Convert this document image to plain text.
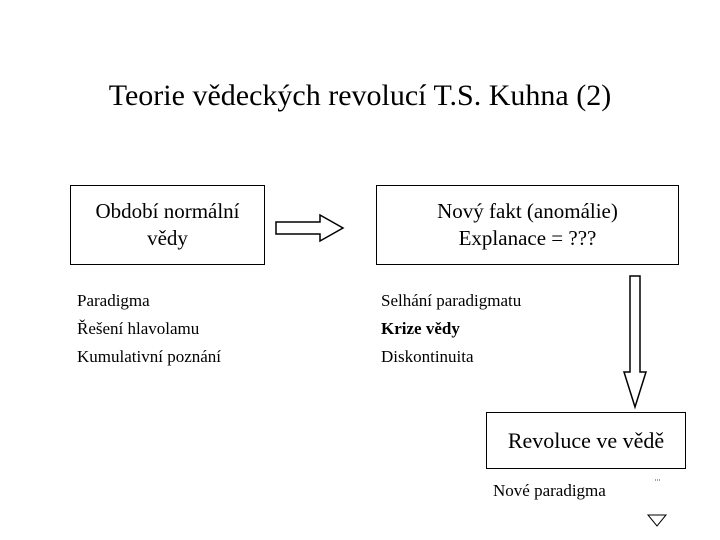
Teorie vědeckých revolucí T.S. Kuhna (2)
Období normální
vědy
Nový fakt (anomálie)
Explanace = ???
Paradigma
Řešení hlavolamu
Kumulativní poznání
Selhání paradigmatu
Krize vědy
Diskontinuita
Revoluce ve vědě
Nové paradigma
